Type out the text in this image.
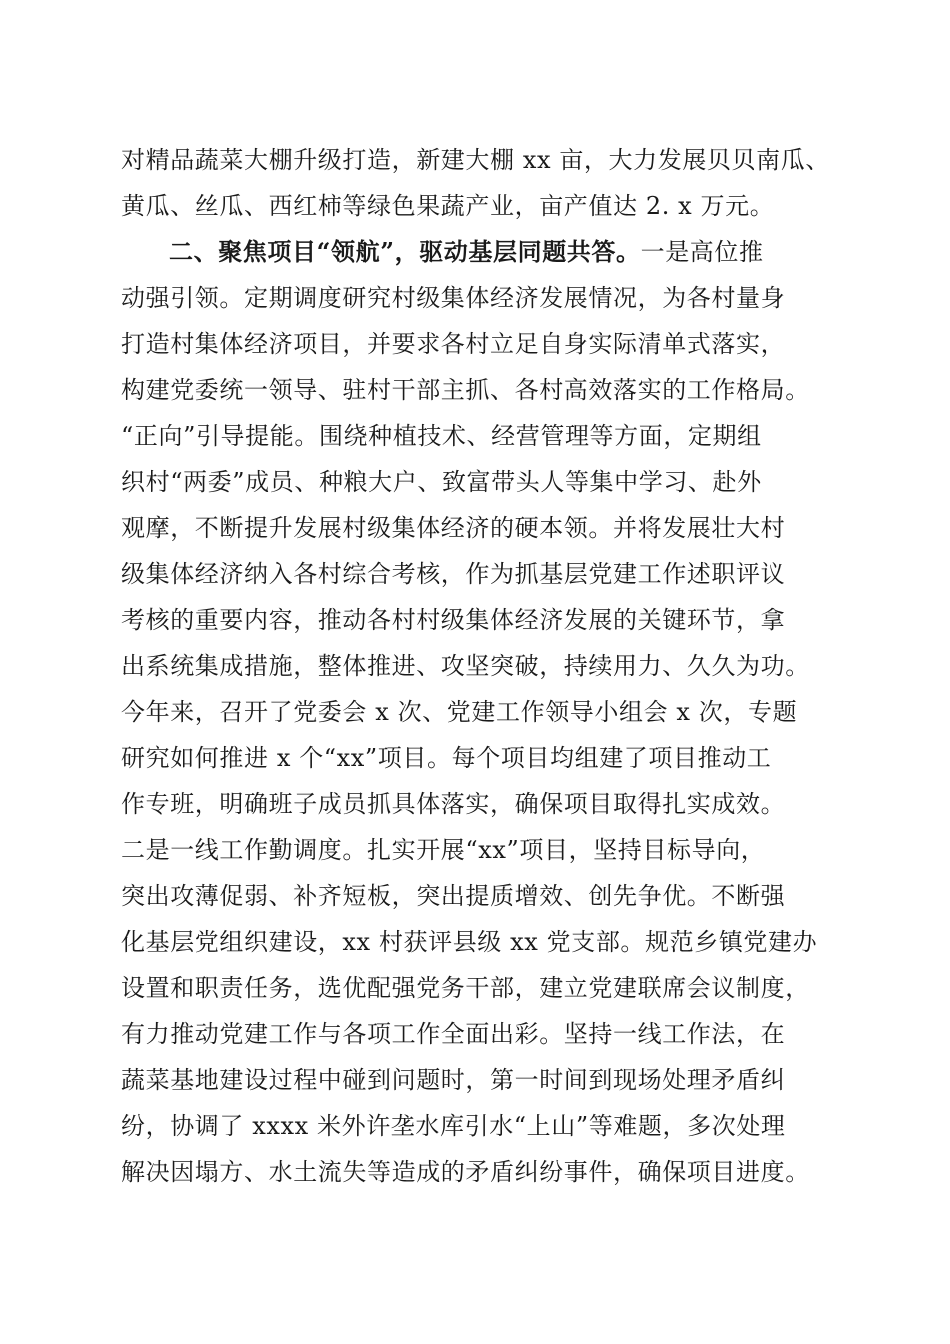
对精品蔬菜大棚升级打造，新建大棚 xx 亩，大力发展贝贝南瓜、
黄瓜、丝瓜、西红柿等绿色果蔬产业，亩产值达 2. x 万元。
二、聚焦项目“领航”，驱动基层同题共答。一是高位推
动强引领。定期调度研究村级集体经济发展情况，为各村量身
打造村集体经济项目，并要求各村立足自身实际清单式落实，
构建党委统一领导、驻村干部主抓、各村高效落实的工作格局。
“正向”引导提能。围绕种植技术、经营管理等方面，定期组
织村“两委”成员、种粮大户、致富带头人等集中学习、赴外
观摩，不断提升发展村级集体经济的硬本领。并将发展壮大村
级集体经济纳入各村综合考核，作为抓基层党建工作述职评议
考核的重要内容，推动各村村级集体经济发展的关键环节，拿
出系统集成措施，整体推进、攻坚突破，持续用力、久久为功。
今年来，召开了党委会 x 次、党建工作领导小组会 x 次，专题
研究如何推进 x 个“xx”项目。每个项目均组建了项目推动工
作专班，明确班子成员抓具体落实，确保项目取得扎实成效。
二是一线工作勤调度。扎实开展“xx”项目，坚持目标导向，
突出攻薄促弱、补齐短板，突出提质增效、创先争优。不断强
化基层党组织建设，xx 村获评县级 xx 党支部。规范乡镇党建办
设置和职责任务，选优配强党务干部，建立党建联席会议制度，
有力推动党建工作与各项工作全面出彩。坚持一线工作法，在
蔬菜基地建设过程中碰到问题时，第一时间到现场处理矛盾纠
纷，协调了 xxxx 米外许垄水库引水“上山”等难题，多次处理
解决因塌方、水土流失等造成的矛盾纠纷事件，确保项目进度。
